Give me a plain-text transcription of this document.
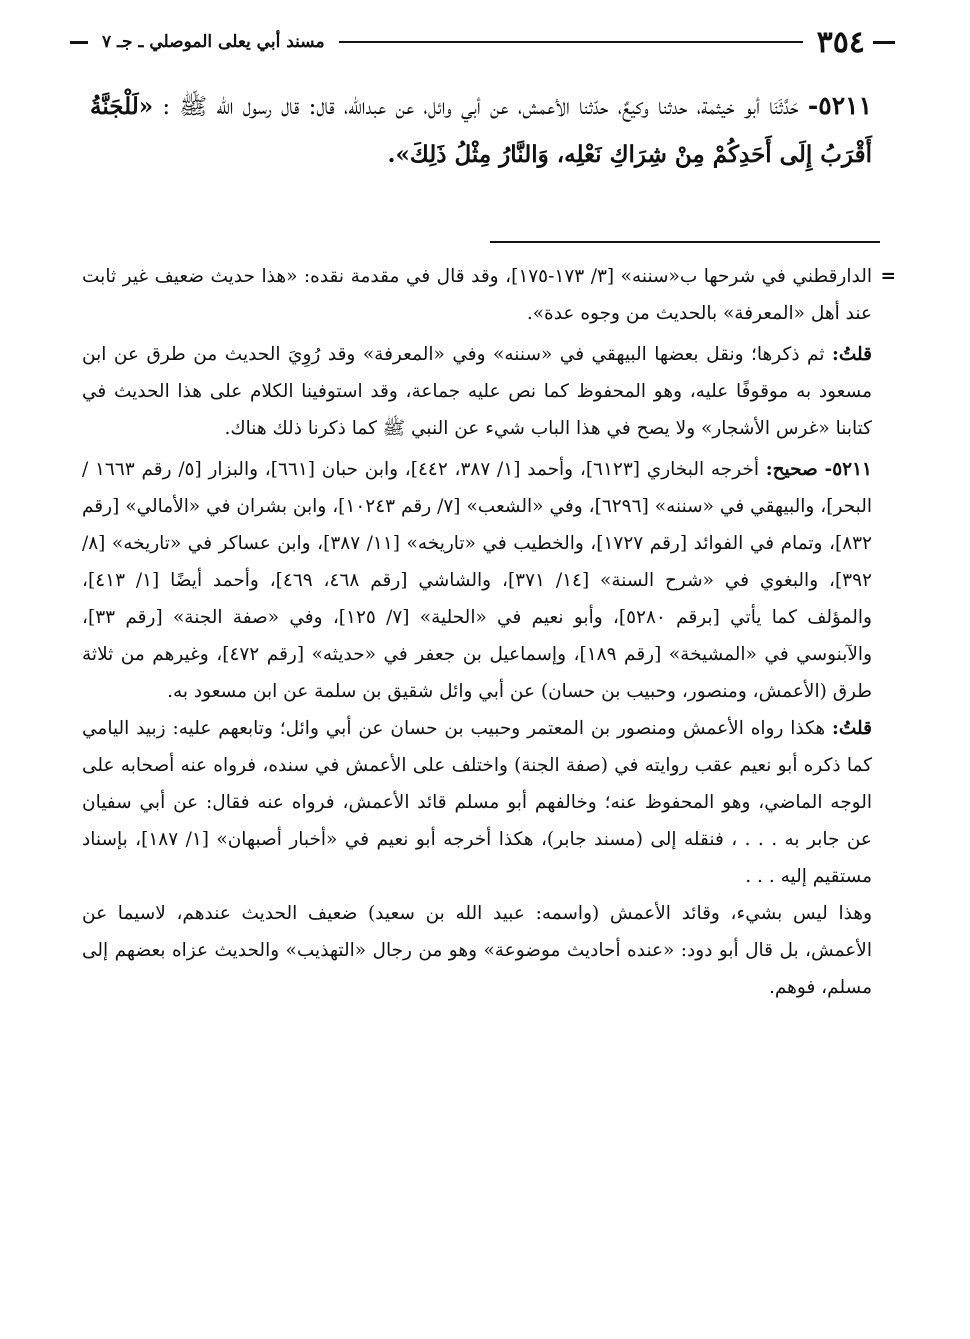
٣٥٤
مسند أبي يعلى الموصلي ـ جـ ٧
٥٢١١- حَدَّثَنَا أبو خيثمة، حدثنا وكيعٌ، حدّثنا الأعمش، عن أبي وائل، عن عبدالله، قال: قال رسول الله ﷺ : «لَلْجَنَّةُ أَقْرَبُ إِلَى أَحَدِكُمْ مِنْ شِرَاكِ نَعْلِه، وَالنَّارُ مِثْلُ ذَلِكَ».

=
الدارقطني في شرحها ب«سننه» [٣/ ١٧٣-١٧٥]، وقد قال في مقدمة نقده: «هذا حديث ضعيف غير ثابت عند أهل «المعرفة» بالحديث من وجوه عدة».

قلتُ: ثم ذكرها؛ ونقل بعضها البيهقي في «سننه» وفي «المعرفة» وقد رُوِيَ الحديث من طرق عن ابن مسعود به موقوفًا عليه، وهو المحفوظ كما نص عليه جماعة، وقد استوفينا الكلام على هذا الحديث في كتابنا «غرس الأشجار» ولا يصح في هذا الباب شيء عن النبي ﷺ كما ذكرنا ذلك هناك.

٥٢١١- صحيح: أخرجه البخاري [٦١٢٣]، وأحمد [١/ ٣٨٧، ٤٤٢]، وابن حبان [٦٦١]، والبزار [٥/ رقم ١٦٦٣ / البحر]، والبيهقي في «سننه» [٦٢٩٦]، وفي «الشعب» [٧/ رقم ١٠٢٤٣]، وابن بشران في «الأمالي» [رقم ٨٣٢]، وتمام في الفوائد [رقم ١٧٢٧]، والخطيب في «تاريخه» [١١/ ٣٨٧]، وابن عساكر في «تاريخه» [٨/ ٣٩٢]، والبغوي في «شرح السنة» [١٤/ ٣٧١]، والشاشي [رقم ٤٦٨، ٤٦٩]، وأحمد أيضًا [١/ ٤١٣]، والمؤلف كما يأتي [برقم ٥٢٨٠]، وأبو نعيم في «الحلية» [٧/ ١٢٥]، وفي «صفة الجنة» [رقم ٣٣]، والآبنوسي في «المشيخة» [رقم ١٨٩]، وإسماعيل بن جعفر في «حديثه» [رقم ٤٧٢]، وغيرهم من ثلاثة طرق (الأعمش، ومنصور، وحبيب بن حسان) عن أبي وائل شقيق بن سلمة عن ابن مسعود به.

قلتُ: هكذا رواه الأعمش ومنصور بن المعتمر وحبيب بن حسان عن أبي وائل؛ وتابعهم عليه: زبيد اليامي كما ذكره أبو نعيم عقب روايته في (صفة الجنة) واختلف على الأعمش في سنده، فرواه عنه أصحابه على الوجه الماضي، وهو المحفوظ عنه؛ وخالفهم أبو مسلم قائد الأعمش، فرواه عنه فقال: عن أبي سفيان عن جابر به . . . ، فنقله إلى (مسند جابر)، هكذا أخرجه أبو نعيم في «أخبار أصبهان» [١/ ١٨٧]، بإسناد مستقيم إليه . . .

وهذا ليس بشيء، وقائد الأعمش (واسمه: عبيد الله بن سعيد) ضعيف الحديث عندهم، لاسيما عن الأعمش، بل قال أبو دود: «عنده أحاديث موضوعة» وهو من رجال «التهذيب» والحديث عزاه بعضهم إلى مسلم، فوهم.
